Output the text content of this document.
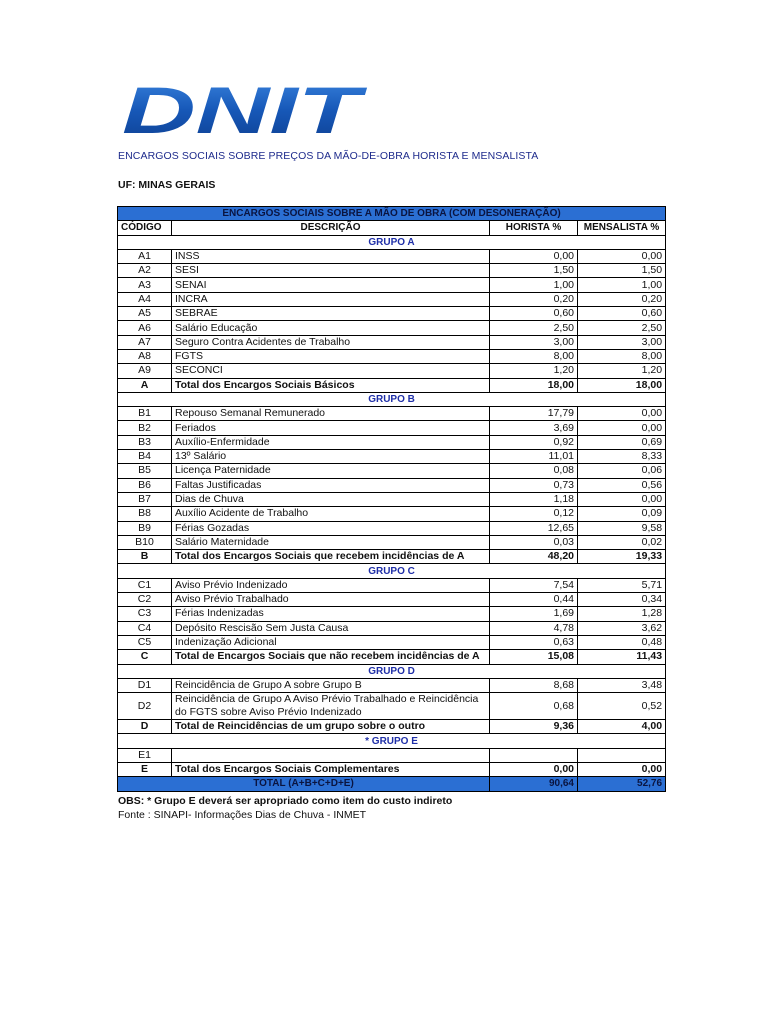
DNIT
ENCARGOS SOCIAIS SOBRE PREÇOS DA MÃO-DE-OBRA HORISTA E MENSALISTA
UF: MINAS GERAIS
ENCARGOS SOCIAIS SOBRE A MÃO DE OBRA (COM DESONERAÇÃO)			
CÓDIGO	DESCRIÇÃO	HORISTA %	MENSALISTA %
GRUPO A			
A1	INSS	0,00	0,00
A2	SESI	1,50	1,50
A3	SENAI	1,00	1,00
A4	INCRA	0,20	0,20
A5	SEBRAE	0,60	0,60
A6	Salário Educação	2,50	2,50
A7	Seguro Contra Acidentes de Trabalho	3,00	3,00
A8	FGTS	8,00	8,00
A9	SECONCI	1,20	1,20
A	Total dos Encargos Sociais Básicos	18,00	18,00
GRUPO B			
B1	Repouso Semanal Remunerado	17,79	0,00
B2	Feriados	3,69	0,00
B3	Auxílio-Enfermidade	0,92	0,69
B4	13º Salário	11,01	8,33
B5	Licença Paternidade	0,08	0,06
B6	Faltas Justificadas	0,73	0,56
B7	Dias de Chuva	1,18	0,00
B8	Auxílio Acidente de Trabalho	0,12	0,09
B9	Férias Gozadas	12,65	9,58
B10	Salário Maternidade	0,03	0,02
B	Total dos Encargos Sociais que recebem incidências de A	48,20	19,33
GRUPO C			
C1	Aviso Prévio Indenizado	7,54	5,71
C2	Aviso Prévio Trabalhado	0,44	0,34
C3	Férias Indenizadas	1,69	1,28
C4	Depósito Rescisão Sem Justa Causa	4,78	3,62
C5	Indenização Adicional	0,63	0,48
C	Total de Encargos Sociais que não recebem incidências de A	15,08	11,43
GRUPO D			
D1	Reincidência de Grupo A sobre Grupo B	8,68	3,48
D2	Reincidência de Grupo A Aviso Prévio Trabalhado e Reincidência do FGTS sobre Aviso Prévio Indenizado	0,68	0,52
D	Total de Reincidências de um grupo sobre o outro	9,36	4,00
* GRUPO E			
E1			
E	Total dos Encargos Sociais Complementares	0,00	0,00
TOTAL (A+B+C+D+E)		90,64	52,76
OBS: * Grupo E deverá ser apropriado como item do custo indireto
Fonte : SINAPI- Informações Dias de Chuva - INMET
